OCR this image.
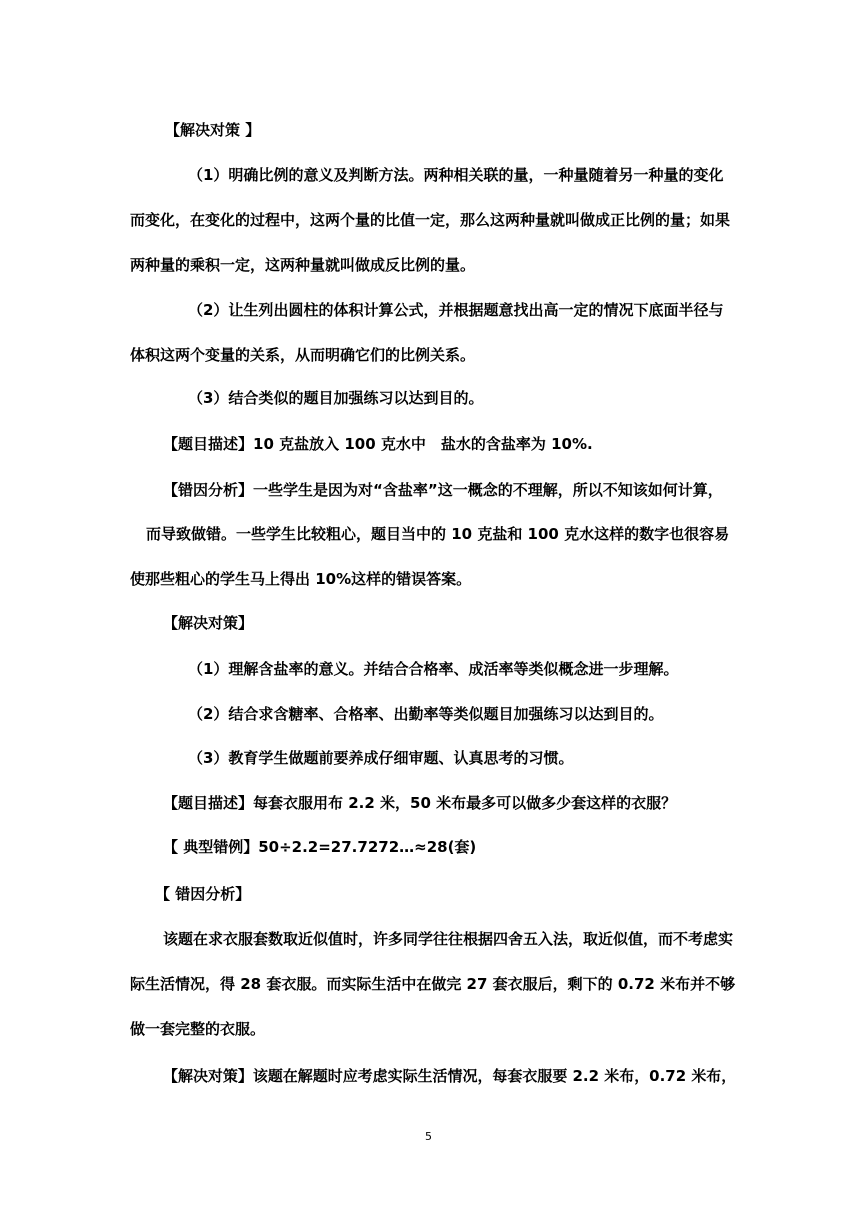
【解决对策 】
（1）明确比例的意义及判断方法。两种相关联的量，一种量随着另一种量的变化
而变化，在变化的过程中，这两个量的比值一定，那么这两种量就叫做成正比例的量；如果
两种量的乘积一定，这两种量就叫做成反比例的量。
（2）让生列出圆柱的体积计算公式，并根据题意找出高一定的情况下底面半径与
体积这两个变量的关系，从而明确它们的比例关系。
（3）结合类似的题目加强练习以达到目的。
【题目描述】10 克盐放入 100 克水中　盐水的含盐率为 10%.
【错因分析】一些学生是因为对“含盐率”这一概念的不理解，所以不知该如何计算，
而导致做错。一些学生比较粗心，题目当中的 10 克盐和 100 克水这样的数字也很容易
使那些粗心的学生马上得出 10%这样的错误答案。
【解决对策】
（1）理解含盐率的意义。并结合合格率、成活率等类似概念进一步理解。
（2）结合求含糖率、合格率、出勤率等类似题目加强练习以达到目的。
（3）教育学生做题前要养成仔细审题、认真思考的习惯。
【题目描述】每套衣服用布 2.2 米，50 米布最多可以做多少套这样的衣服？
【 典型错例】50÷2.2=27.7272…≈28(套)
【 错因分析】
该题在求衣服套数取近似值时，许多同学往往根据四舍五入法，取近似值，而不考虑实
际生活情况，得 28 套衣服。而实际生活中在做完 27 套衣服后，剩下的 0.72 米布并不够
做一套完整的衣服。
【解决对策】该题在解题时应考虑实际生活情况，每套衣服要 2.2 米布，0.72 米布，
5
